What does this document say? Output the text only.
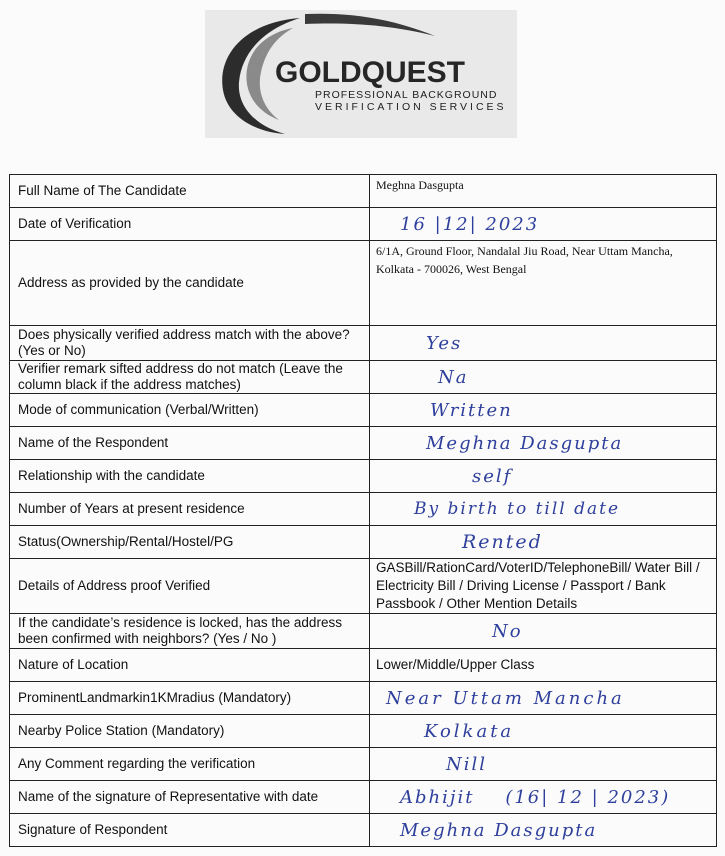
GOLDQUEST
PROFESSIONAL BACKGROUND
VERIFICATION SERVICES
Full Name of The Candidate	Meghna Dasgupta
Date of Verification	16 |12| 2023

Address as provided by the candidate	6/1A, Ground Floor, Nandalal Jiu Road, Near Uttam Mancha, Kolkata - 700026, West Bengal
Does physically verified address match with the above? (Yes or No)	Yes

Verifier remark sifted address do not match (Leave the column black if the address matches)	Na

Mode of communication (Verbal/Written)	Written

Name of the Respondent	Meghna Dasgupta

Relationship with the candidate	self

Number of Years at present residence	By birth to till date

Status(Ownership/Rental/Hostel/PG	Rented

Details of Address proof Verified	GASBill/RationCard/VoterID/TelephoneBill/ Water Bill / Electricity Bill / Driving License / Passport / Bank Passbook / Other Mention Details
If the candidate’s residence is locked, has the address been confirmed with neighbors? (Yes / No )	No

Nature of Location	Lower/Middle/Upper Class
ProminentLandmarkin1KMradius (Mandatory)	Near Uttam Mancha

Nearby Police Station (Mandatory)	Kolkata

Any Comment regarding the verification	Nill

Name of the signature of Representative with date	Abhijit    (16| 12 | 2023)

Signature of Respondent	Meghna Dasgupta
